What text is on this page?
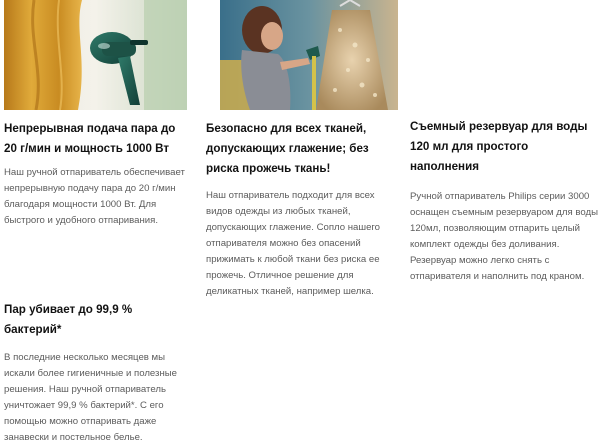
Непрерывная подача пара до 20 г/мин и мощность 1000 Вт

Наш ручной отпариватель обеспечивает непрерывную подачу пара до 20 г/мин благодаря мощности 1000 Вт. Для быстрого и удобного отпаривания.

Безопасно для всех тканей, допускающих глажение; без риска прожечь ткань!

Наш отпариватель подходит для всех видов одежды из любых тканей, допускающих глажение. Сопло нашего отпаривателя можно без опасений прижимать к любой ткани без риска ее прожечь. Отличное решение для деликатных тканей, например шелка.

Съемный резервуар для воды 120 мл для простого наполнения

Ручной отпариватель Philips серии 3000 оснащен съемным резервуаром для воды 120мл, позволяющим отпарить целый комплект одежды без доливания. Резервуар можно легко снять с отпаривателя и наполнить под краном.

Пар убивает до 99,9 % бактерий*

В последние несколько месяцев мы искали более гигиеничные и полезные решения. Наш ручной отпариватель уничтожает 99,9 % бактерий*. С его помощью можно отпаривать даже занавески и постельное белье.
